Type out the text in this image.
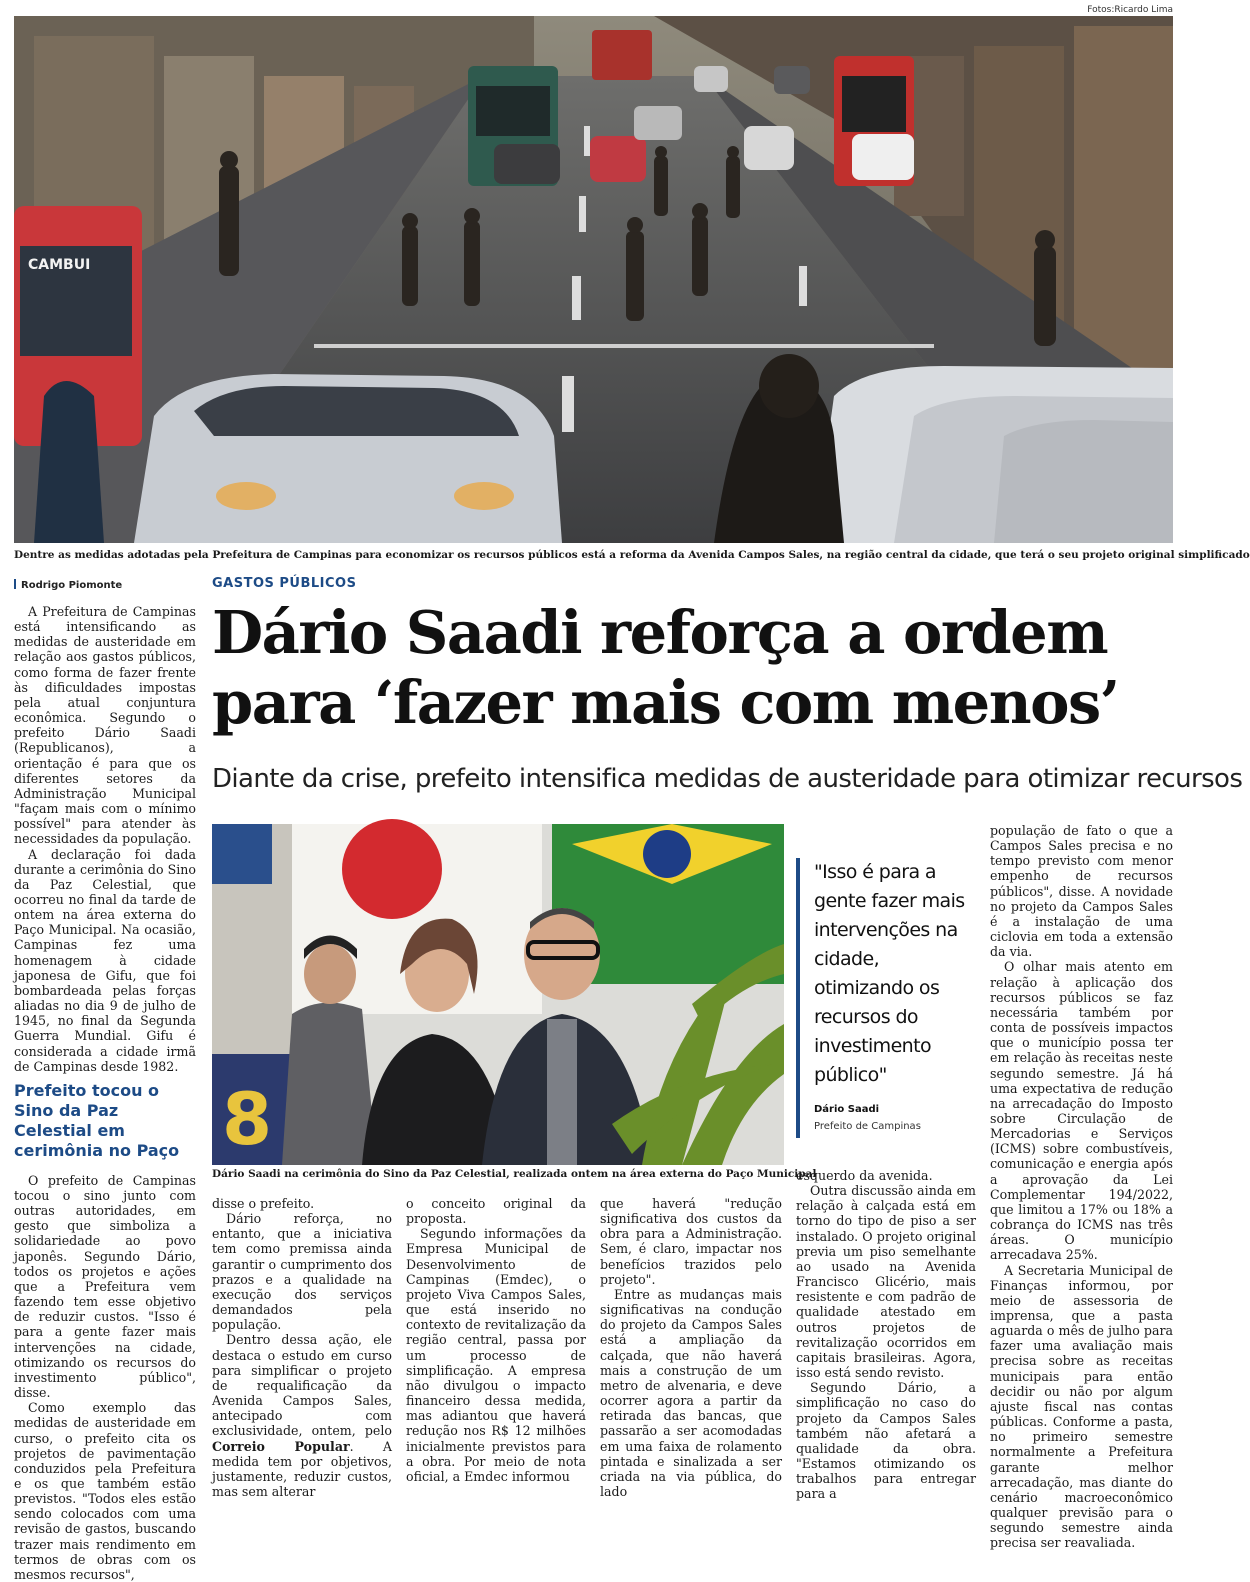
Fotos:Ricardo Lima
CAMBUI
Dentre as medidas adotadas pela Prefeitura de Campinas para economizar os recursos públicos está a reforma da Avenida Campos Sales, na região central da cidade, que terá o seu projeto original simplificado
Rodrigo Piomonte	GASTOS PÚBLICOS
Dário Saadi reforça a ordem
para ‘fazer mais com menos’
Diante da crise, prefeito intensifica medidas de austeridade para otimizar recursos

A Prefeitura de Campinas está intensificando as medidas de austeridade em relação aos gastos públicos, como forma de fazer frente às dificuldades impostas pela atual conjuntura econômica. Segundo o prefeito Dário Saadi (Republicanos), a orientação é para que os diferentes setores da Administração Municipal "façam mais com o mínimo possível" para atender às necessidades da população.

A declaração foi dada durante a cerimônia do Sino da Paz Celestial, que ocorreu no final da tarde de ontem na área externa do Paço Municipal. Na ocasião, Campinas fez uma homenagem à cidade japonesa de Gifu, que foi bombardeada pelas forças aliadas no dia 9 de julho de 1945, no final da Segunda Guerra Mundial. Gifu é considerada a cidade irmã de Campinas desde 1982.

Prefeito tocou o Sino da Paz Celestial em cerimônia no Paço

O prefeito de Campinas tocou o sino junto com outras autoridades, em gesto que simboliza a solidariedade ao povo japonês. Segundo Dário, todos os projetos e ações que a Prefeitura vem fazendo tem esse objetivo de reduzir custos. "Isso é para a gente fazer mais intervenções na cidade, otimizando os recursos do investimento público", disse.

Como exemplo das medidas de austeridade em curso, o prefeito cita os projetos de pavimentação conduzidos pela Prefeitura e os que também estão previstos. "Todos eles estão sendo colocados com uma revisão de gastos, buscando trazer mais rendimento em termos de obras com os mesmos recursos",

8
Dário Saadi na cerimônia do Sino da Paz Celestial, realizada ontem na área externa do Paço Municipal
"Isso é para a gente fazer mais intervenções na cidade, otimizando os recursos do investimento público"
Dário Saadi
Prefeito de Campinas

disse o prefeito.

Dário reforça, no entanto, que a iniciativa tem como premissa ainda garantir o cumprimento dos prazos e a qualidade na execução dos serviços demandados pela população.

Dentro dessa ação, ele destaca o estudo em curso para simplificar o projeto de requalificação da Avenida Campos Sales, antecipado com exclusividade, ontem, pelo Correio Popular. A medida tem por objetivos, justamente, reduzir custos, mas sem alterar

o conceito original da proposta.

Segundo informações da Empresa Municipal de Desenvolvimento de Campinas (Emdec), o projeto Viva Campos Sales, que está inserido no contexto de revitalização da região central, passa por um processo de simplificação. A empresa não divulgou o impacto financeiro dessa medida, mas adiantou que haverá redução nos R$ 12 milhões inicialmente previstos para a obra. Por meio de nota oficial, a Emdec informou

que haverá "redução significativa dos custos da obra para a Administração. Sem, é claro, impactar nos benefícios trazidos pelo projeto".

Entre as mudanças mais significativas na condução do projeto da Campos Sales está a ampliação da calçada, que não haverá mais a construção de um metro de alvenaria, e deve ocorrer agora a partir da retirada das bancas, que passarão a ser acomodadas em uma faixa de rolamento pintada e sinalizada a ser criada na via pública, do lado

esquerdo da avenida.

Outra discussão ainda em relação à calçada está em torno do tipo de piso a ser instalado. O projeto original previa um piso semelhante ao usado na Avenida Francisco Glicério, mais resistente e com padrão de qualidade atestado em outros projetos de revitalização ocorridos em capitais brasileiras. Agora, isso está sendo revisto.

Segundo Dário, a simplificação no caso do projeto da Campos Sales também não afetará a qualidade da obra. "Estamos otimizando os trabalhos para entregar para a

população de fato o que a Campos Sales precisa e no tempo previsto com menor empenho de recursos públicos", disse. A novidade no projeto da Campos Sales é a instalação de uma ciclovia em toda a extensão da via.

O olhar mais atento em relação à aplicação dos recursos públicos se faz necessária também por conta de possíveis impactos que o município possa ter em relação às receitas neste segundo semestre. Já há uma expectativa de redução na arrecadação do Imposto sobre Circulação de Mercadorias e Serviços (ICMS) sobre combustíveis, comunicação e energia após a aprovação da Lei Complementar 194/2022, que limitou a 17% ou 18% a cobrança do ICMS nas três áreas. O município arrecadava 25%.

A Secretaria Municipal de Finanças informou, por meio de assessoria de imprensa, que a pasta aguarda o mês de julho para fazer uma avaliação mais precisa sobre as receitas municipais para então decidir ou não por algum ajuste fiscal nas contas públicas. Conforme a pasta, no primeiro semestre normalmente a Prefeitura garante melhor arrecadação, mas diante do cenário macroeconômico qualquer previsão para o segundo semestre ainda precisa ser reavaliada.
